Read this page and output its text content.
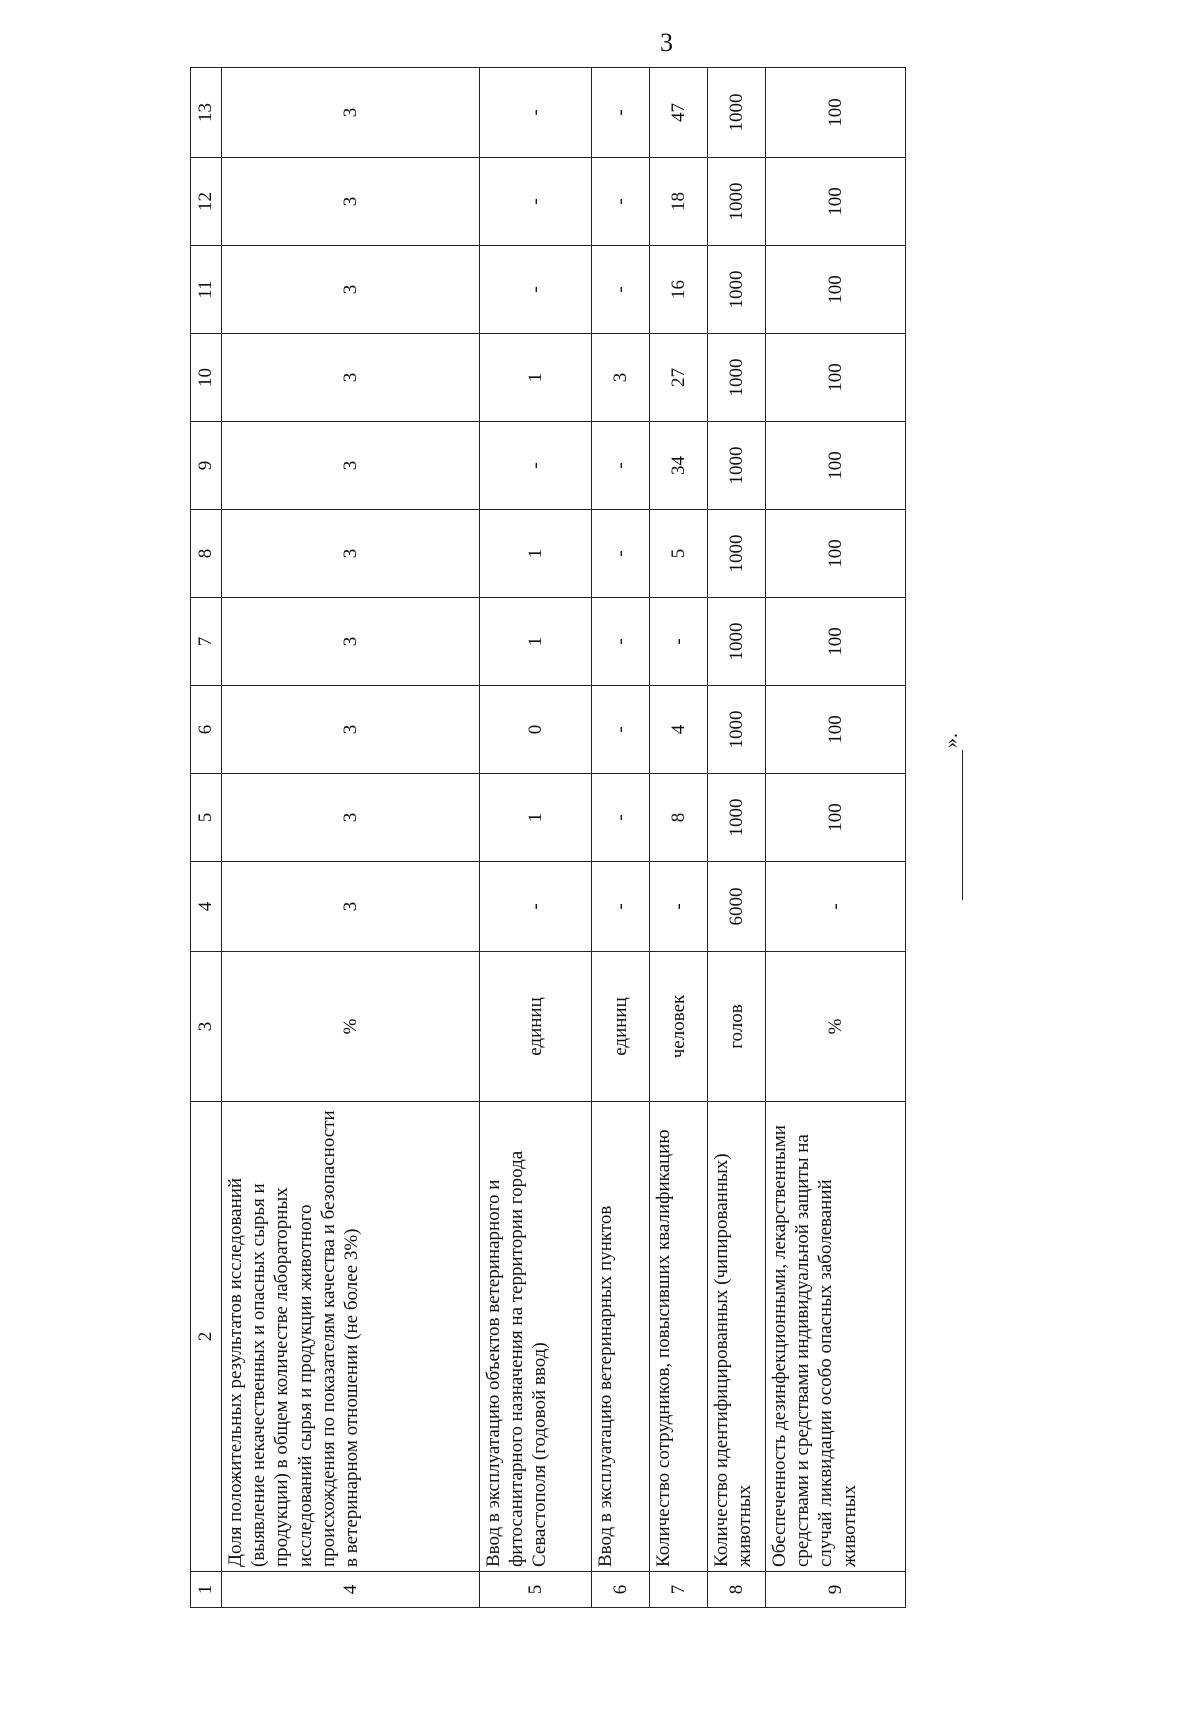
3
1	2	3	4	5	6	7	8	9	10	11	12	13
4	Доля положительных результатов исследований (выявление некачественных и опасных сырья и продукции) в общем количестве лабораторных исследований сырья и продукции животного происхождения по показателям качества и безопасности в ветеринарном отношении (не более 3%)	%	3	3	3	3	3	3	3	3	3	3
5	Ввод в эксплуатацию объектов ветеринарного и фитосанитарного назначения на территории города Севастополя (годовой ввод)	единиц	-	1	0	1	1	-	1	-	-	-
6	Ввод в эксплуатацию ветеринарных пунктов	единиц	-	-	-	-	-	-	3	-	-	-
7	Количество сотрудников, повысивших квалификацию	человек	-	8	4	-	5	34	27	16	18	47
8	Количество идентифицированных (чипированных) животных	голов	6000	1000	1000	1000	1000	1000	1000	1000	1000	1000
9	Обеспеченность дезинфекционными, лекарственными средствами и средствами индивидуальной защиты на случай ликвидации особо опасных заболеваний животных	%	-	100	100	100	100	100	100	100	100	100
».
